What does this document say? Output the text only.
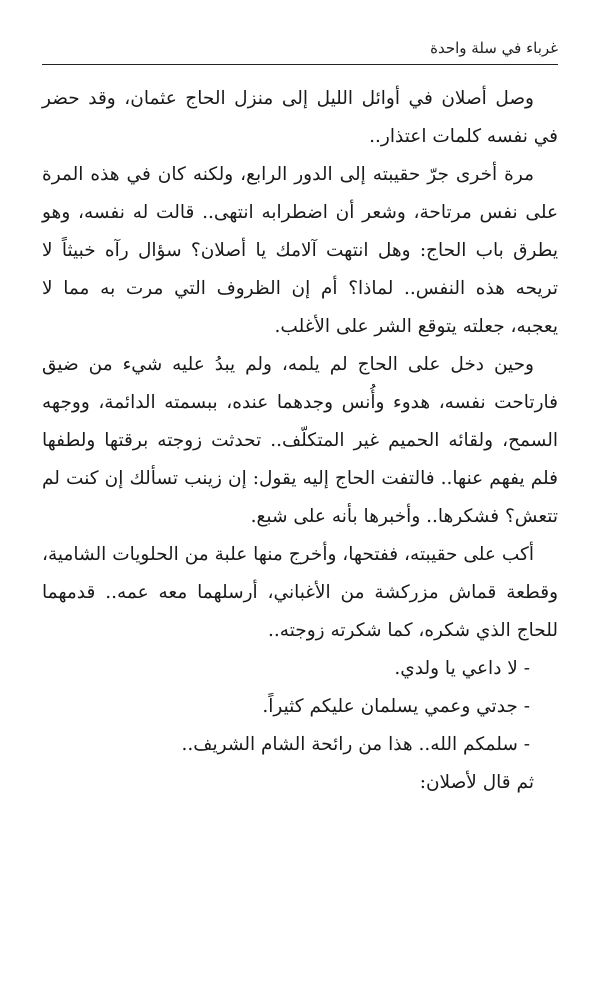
غرباء في سلة واحدة

وصل أصلان في أوائل الليل إلى منزل الحاج عثمان، وقد حضر في نفسه كلمات اعتذار..

مرة أخرى جرّ حقيبته إلى الدور الرابع، ولكنه كان في هذه المرة على نفس مرتاحة، وشعر أن اضطرابه انتهى.. قالت له نفسه، وهو يطرق باب الحاج: وهل انتهت آلامك يا أصلان؟ سؤال رآه خبيثاً لا تريحه هذه النفس.. لماذا؟ أم إن الظروف التي مرت به مما لا يعجبه، جعلته يتوقع الشر على الأغلب.

وحين دخل على الحاج لم يلمه، ولم يبدُ عليه شيء من ضيق فارتاحت نفسه، هدوء وأُنس وجدهما عنده، ببسمته الدائمة، ووجهه السمح، ولقائه الحميم غير المتكلّف.. تحدثت زوجته برقتها ولطفها فلم يفهم عنها.. فالتفت الحاج إليه يقول: إن زينب تسألك إن كنت لم تتعش؟ فشكرها.. وأخبرها بأنه على شبع.

أكب على حقيبته، ففتحها، وأخرج منها علبة من الحلويات الشامية، وقطعة قماش مزركشة من الأغباني، أرسلهما معه عمه.. قدمهما للحاج الذي شكره، كما شكرته زوجته..

- لا داعي يا ولدي.

- جدتي وعمي يسلمان عليكم كثيراً.

- سلمكم الله.. هذا من رائحة الشام الشريف..

ثم قال لأصلان:
